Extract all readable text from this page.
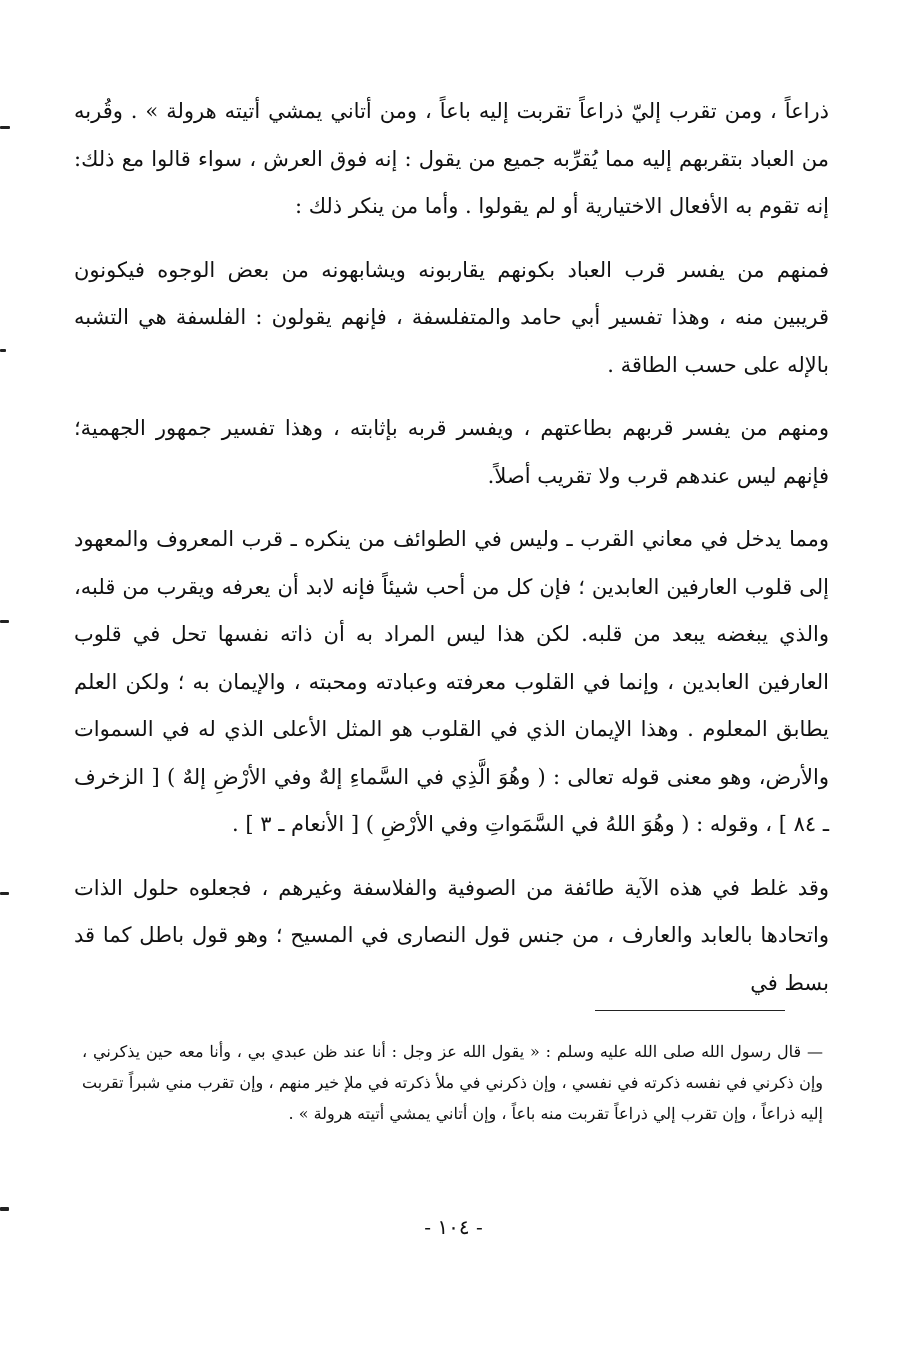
ذراعاً ، ومن تقرب إليّ ذراعاً تقربت إليه باعاً ، ومن أتاني يمشي أتيته هرولة » . وقُربه من العباد بتقربهم إليه مما يُقرِّبه جميع من يقول : إنه فوق العرش ، سواء قالوا مع ذلك: إنه تقوم به الأفعال الاختيارية أو لم يقولوا . وأما من ينكر ذلك :

فمنهم من يفسر قرب العباد بكونهم يقاربونه ويشابهونه من بعض الوجوه فيكونون قريبين منه ، وهذا تفسير أبي حامد والمتفلسفة ، فإنهم يقولون : الفلسفة هي التشبه بالإله على حسب الطاقة .

ومنهم من يفسر قربهم بطاعتهم ، ويفسر قربه بإثابته ، وهذا تفسير جمهور الجهمية؛ فإنهم ليس عندهم قرب ولا تقريب أصلاً.

ومما يدخل في معاني القرب ـ وليس في الطوائف من ينكره ـ قرب المعروف والمعهود إلى قلوب العارفين العابدين ؛ فإن كل من أحب شيئاً فإنه لابد أن يعرفه ويقرب من قلبه، والذي يبغضه يبعد من قلبه. لكن هذا ليس المراد به أن ذاته نفسها تحل في قلوب العارفين العابدين ، وإنما في القلوب معرفته وعبادته ومحبته ، والإيمان به ؛ ولكن العلم يطابق المعلوم . وهذا الإيمان الذي في القلوب هو المثل الأعلى الذي له في السموات والأرض، وهو معنى قوله تعالى : ( وهُوَ الَّذِي في السَّماءِ إلهٌ وفي الأرْضِ إلهٌ ) [ الزخرف ـ ٨٤ ] ، وقوله : ( وهُوَ اللهُ في السَّمَواتِ وفي الأرْضِ ) [ الأنعام ـ ٣ ] .

وقد غلط في هذه الآية طائفة من الصوفية والفلاسفة وغيرهم ، فجعلوه حلول الذات واتحادها بالعابد والعارف ، من جنس قول النصارى في المسيح ؛ وهو قول باطل كما قد بسط في

— قال رسول الله صلى الله عليه وسلم : « يقول الله عز وجل : أنا عند ظن عبدي بي ، وأنا معه حين يذكرني ، وإن ذكرني في نفسه ذكرته في نفسي ، وإن ذكرني في ملأ ذكرته في ملإ خير منهم ، وإن تقرب مني شبراً تقربت إليه ذراعاً ، وإن تقرب إلي ذراعاً تقربت منه باعاً ، وإن أتاني يمشي أتيته هرولة » .

- ١٠٤ -
